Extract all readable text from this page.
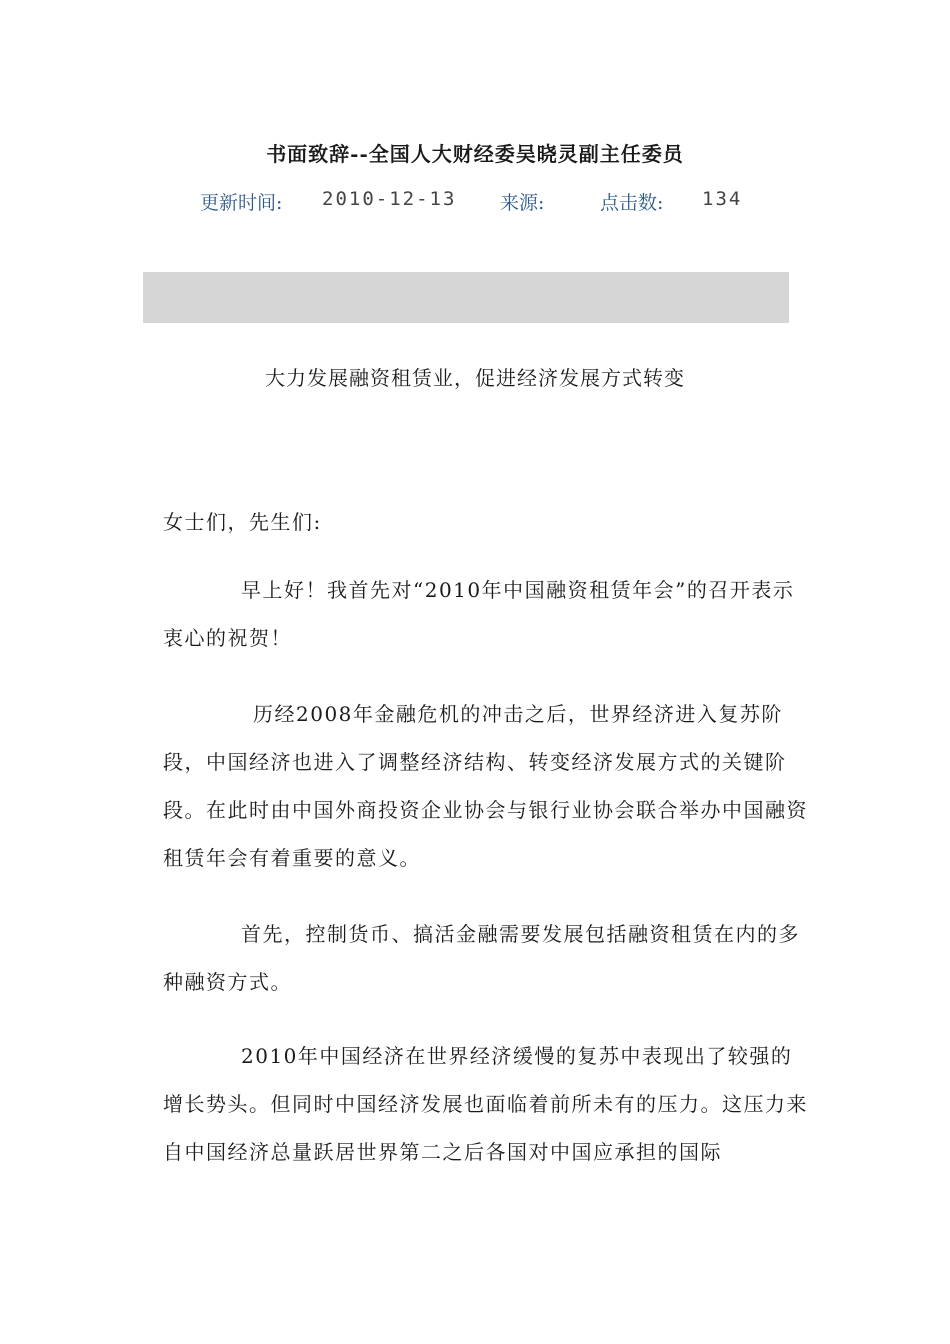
书面致辞--全国人大财经委吴晓灵副主任委员
更新时间: 2010-12-13 来源:	点击数: 134
大力发展融资租赁业，促进经济发展方式转变
女士们，先生们:
早上好！我首先对“2010年中国融资租赁年会”的召开表示衷心的祝贺！
历经2008年金融危机的冲击之后，世界经济进入复苏阶段，中国经济也进入了调整经济结构、转变经济发展方式的关键阶段。在此时由中国外商投资企业协会与银行业协会联合举办中国融资租赁年会有着重要的意义。
首先，控制货币、搞活金融需要发展包括融资租赁在内的多种融资方式。
2010年中国经济在世界经济缓慢的复苏中表现出了较强的增长势头。但同时中国经济发展也面临着前所未有的压力。这压力来自中国经济总量跃居世界第二之后各国对中国应承担的国际
